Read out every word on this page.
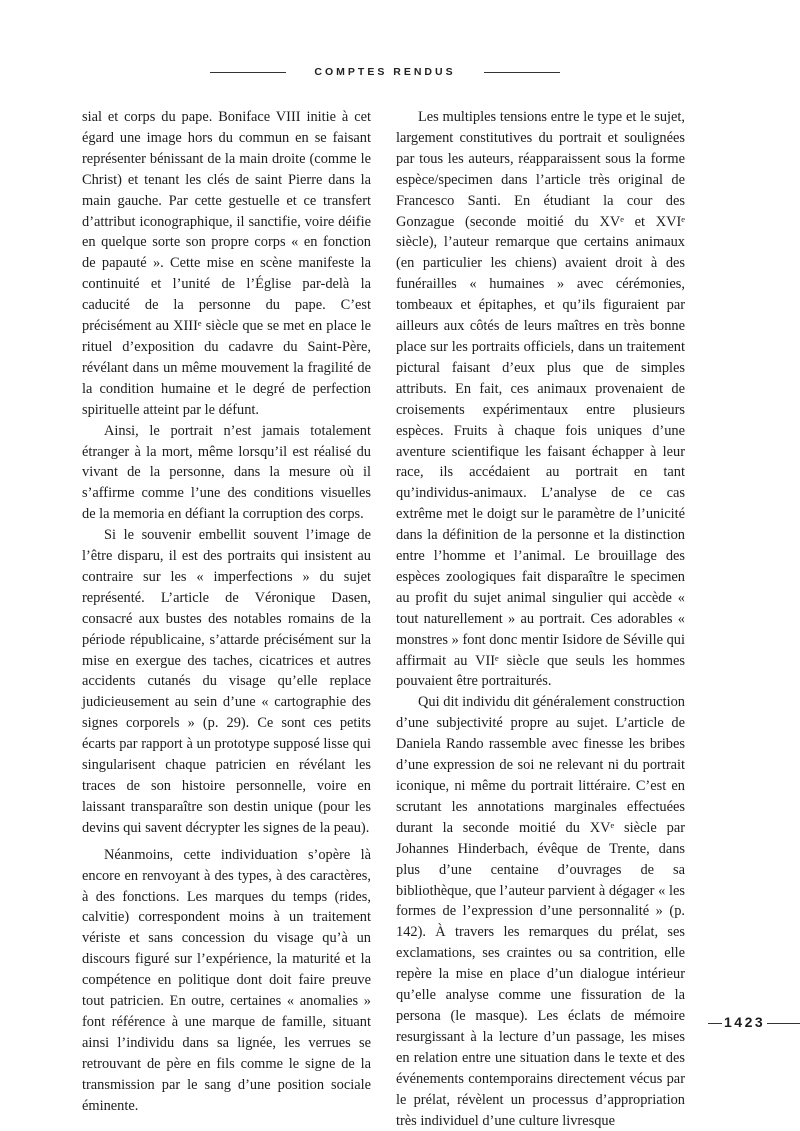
COMPTES RENDUS

sial et corps du pape. Boniface VIII initie à cet égard une image hors du commun en se faisant représenter bénissant de la main droite (comme le Christ) et tenant les clés de saint Pierre dans la main gauche. Par cette gestuelle et ce transfert d’attribut iconographique, il sanctifie, voire déifie en quelque sorte son propre corps « en fonction de papauté ». Cette mise en scène manifeste la continuité et l’unité de l’Église par-delà la caducité de la personne du pape. C’est précisément au XIIIᵉ siècle que se met en place le rituel d’exposition du cadavre du Saint-Père, révélant dans un même mouvement la fragilité de la condition humaine et le degré de perfection spirituelle atteint par le défunt.

Ainsi, le portrait n’est jamais totalement étranger à la mort, même lorsqu’il est réalisé du vivant de la personne, dans la mesure où il s’affirme comme l’une des conditions visuelles de la memoria en défiant la corruption des corps.

Si le souvenir embellit souvent l’image de l’être disparu, il est des portraits qui insistent au contraire sur les « imperfections » du sujet représenté. L’article de Véronique Dasen, consacré aux bustes des notables romains de la période républicaine, s’attarde précisément sur la mise en exergue des taches, cicatrices et autres accidents cutanés du visage qu’elle replace judicieusement au sein d’une « cartographie des signes corporels » (p. 29). Ce sont ces petits écarts par rapport à un prototype supposé lisse qui singularisent chaque patricien en révélant les traces de son histoire personnelle, voire en laissant transparaître son destin unique (pour les devins qui savent décrypter les signes de la peau).

Néanmoins, cette individuation s’opère là encore en renvoyant à des types, à des caractères, à des fonctions. Les marques du temps (rides, calvitie) correspondent moins à un traitement vériste et sans concession du visage qu’à un discours figuré sur l’expérience, la maturité et la compétence en politique dont doit faire preuve tout patricien. En outre, certaines « anomalies » font référence à une marque de famille, situant ainsi l’individu dans sa lignée, les verrues se retrouvant de père en fils comme le signe de la transmission par le sang d’une position sociale éminente.

Les multiples tensions entre le type et le sujet, largement constitutives du portrait et soulignées par tous les auteurs, réapparaissent sous la forme espèce/specimen dans l’article très original de Francesco Santi. En étudiant la cour des Gonzague (seconde moitié du XVᵉ et XVIᵉ siècle), l’auteur remarque que certains animaux (en particulier les chiens) avaient droit à des funérailles « humaines » avec cérémonies, tombeaux et épitaphes, et qu’ils figuraient par ailleurs aux côtés de leurs maîtres en très bonne place sur les portraits officiels, dans un traitement pictural faisant d’eux plus que de simples attributs. En fait, ces animaux provenaient de croisements expérimentaux entre plusieurs espèces. Fruits à chaque fois uniques d’une aventure scientifique les faisant échapper à leur race, ils accédaient au portrait en tant qu’individus-animaux. L’analyse de ce cas extrême met le doigt sur le paramètre de l’unicité dans la définition de la personne et la distinction entre l’homme et l’animal. Le brouillage des espèces zoologiques fait disparaître le specimen au profit du sujet animal singulier qui accède « tout naturellement » au portrait. Ces adorables « monstres » font donc mentir Isidore de Séville qui affirmait au VIIᵉ siècle que seuls les hommes pouvaient être portraiturés.

Qui dit individu dit généralement construction d’une subjectivité propre au sujet. L’article de Daniela Rando rassemble avec finesse les bribes d’une expression de soi ne relevant ni du portrait iconique, ni même du portrait littéraire. C’est en scrutant les annotations marginales effectuées durant la seconde moitié du XVᵉ siècle par Johannes Hinderbach, évêque de Trente, dans plus d’une centaine d’ouvrages de sa bibliothèque, que l’auteur parvient à dégager « les formes de l’expression d’une personnalité » (p. 142). À travers les remarques du prélat, ses exclamations, ses craintes ou sa contrition, elle repère la mise en place d’un dialogue intérieur qu’elle analyse comme une fissuration de la persona (le masque). Les éclats de mémoire resurgissant à la lecture d’un passage, les mises en relation entre une situation dans le texte et des événements contemporains directement vécus par le prélat, révèlent un processus d’appropriation très individuel d’une culture livresque

1423
